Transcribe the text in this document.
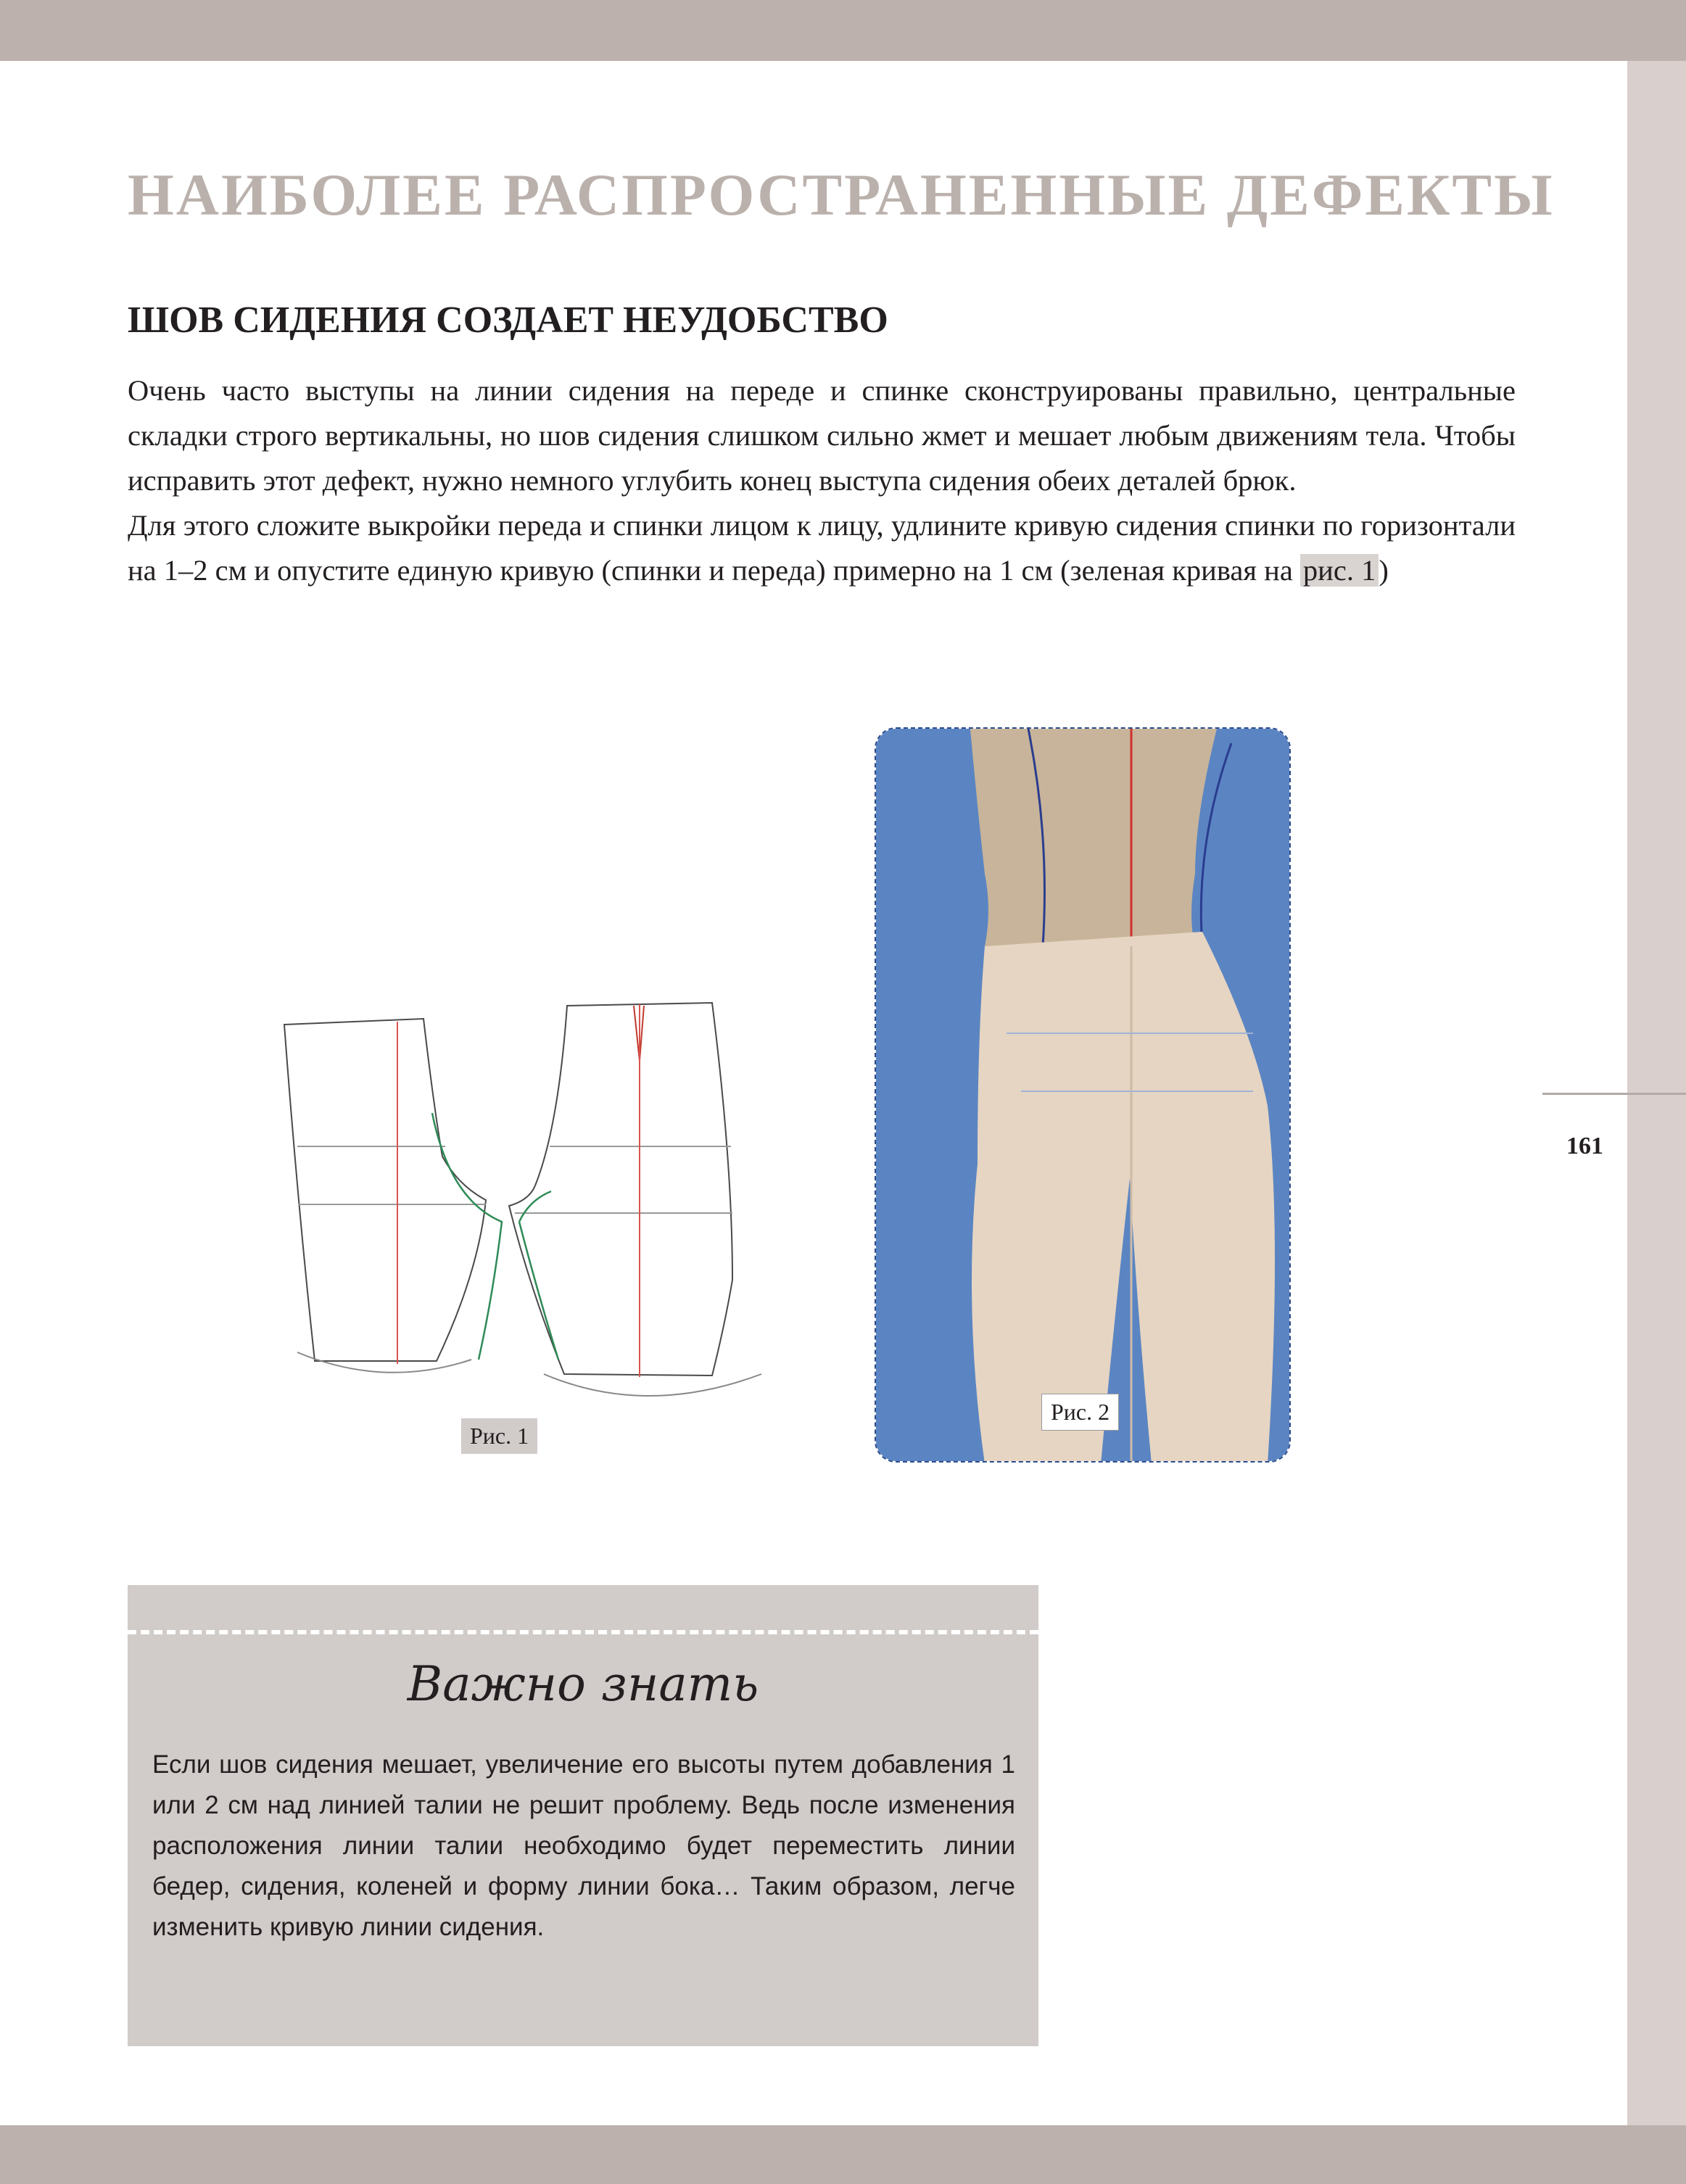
161
НАИБОЛЕЕ РАСПРОСТРАНЕННЫЕ ДЕФЕКТЫ
ШОВ СИДЕНИЯ СОЗДАЕТ НЕУДОБСТВО

Очень часто выступы на линии сидения на переде и спинке сконструированы правильно, центральные складки строго вертикальны, но шов сидения слишком сильно жмет и мешает любым движениям тела. Чтобы исправить этот дефект, нужно немного углубить конец выступа сидения обеих деталей брюк.

Для этого сложите выкройки переда и спинки лицом к лицу, удлините кривую сидения спинки по горизонтали на 1–2 см и опустите единую кривую (спинки и переда) примерно на 1 см (зеленая кривая на рис. 1)

Рис. 1
Рис. 2
Важно знать
Если шов сидения мешает, увеличение его высоты путем добавления 1 или 2 см над линией талии не решит проблему. Ведь после изменения расположения линии талии необходимо будет переместить линии бедер, сидения, коленей и форму линии бока… Таким образом, легче изменить кривую линии сидения.
